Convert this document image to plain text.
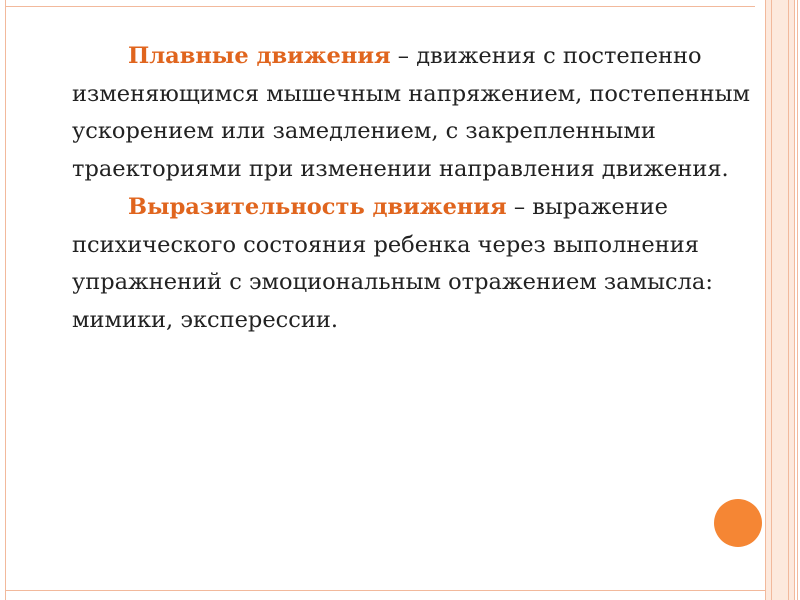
Плавные движения – движения с постепенно изменяющимся мышечным напряжением, постепенным ускорением или замедлением, с закрепленными траекториями при изменении направления движения.

Выразительность движения – выражение психического состояния ребенка через выполнения упражнений с эмоциональным отражением замысла: мимики, эксперессии.
